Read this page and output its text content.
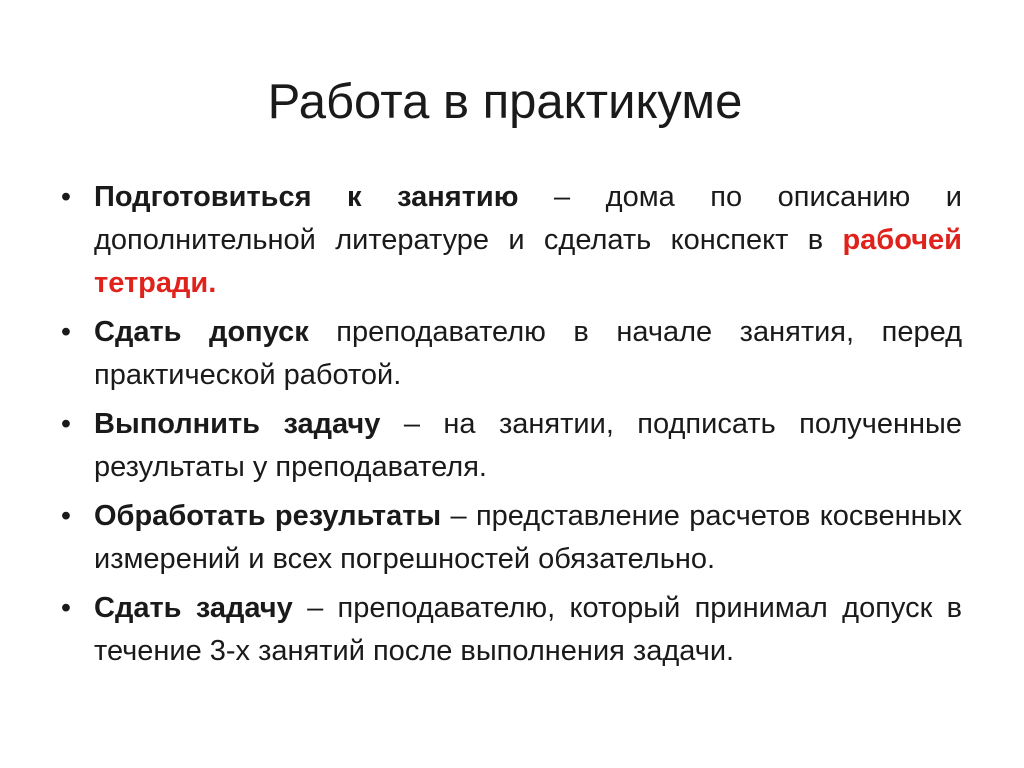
Работа в практикуме
• Подготовиться к занятию – дома по описанию и дополнительной литературе и сделать конспект в рабочей тетради.
• Сдать допуск преподавателю в начале занятия, перед практической работой.
• Выполнить задачу – на занятии, подписать полученные результаты у преподавателя.
• Обработать результаты – представление расчетов косвенных измерений и всех погрешностей обязательно.
• Сдать задачу – преподавателю, который принимал допуск в течение 3-х занятий после выполнения задачи.
